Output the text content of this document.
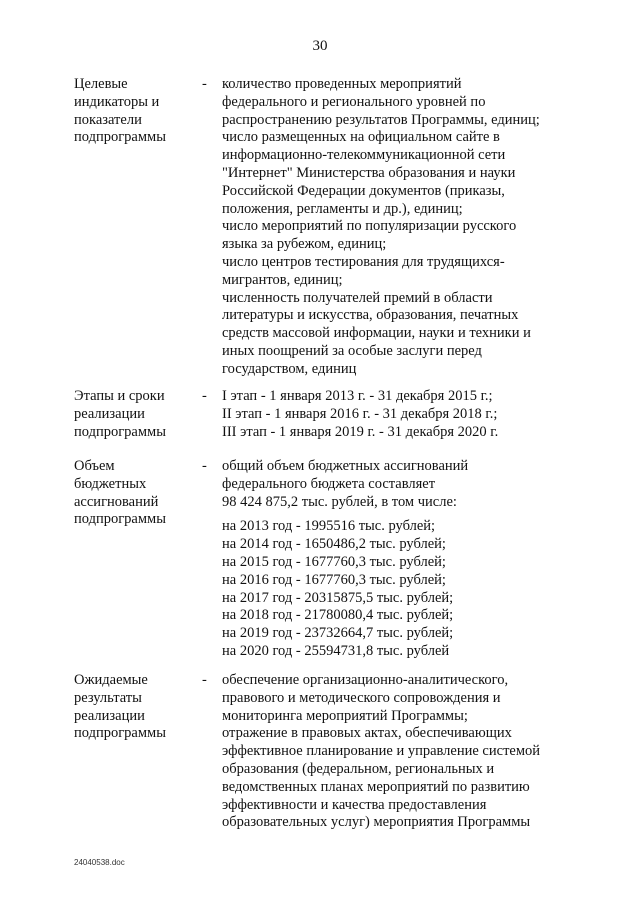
30
Целевые
индикаторы и
показатели
подпрограммы
- количество проведенных мероприятий
федерального и регионального уровней по
распространению результатов Программы, единиц;
число размещенных на официальном сайте в
информационно-телекоммуникационной сети
"Интернет" Министерства образования и науки
Российской Федерации документов (приказы,
положения, регламенты и др.), единиц;
число мероприятий по популяризации русского
языка за рубежом, единиц;
число центров тестирования для трудящихся-
мигрантов, единиц;
численность получателей премий в области
литературы и искусства, образования, печатных
средств массовой информации, науки и техники и
иных поощрений за особые заслуги перед
государством, единиц
Этапы и сроки
реализации
подпрограммы
- I этап - 1 января 2013 г. - 31 декабря 2015 г.;
II этап - 1 января 2016 г. - 31 декабря 2018 г.;
III этап - 1 января 2019 г. - 31 декабря 2020 г.
Объем
бюджетных
ассигнований
подпрограммы
- общий объем бюджетных ассигнований
федерального бюджета составляет
98 424 875,2 тыс. рублей, в том числе:
на 2013 год - 1995516 тыс. рублей;
на 2014 год - 1650486,2 тыс. рублей;
на 2015 год - 1677760,3 тыс. рублей;
на 2016 год - 1677760,3 тыс. рублей;
на 2017 год - 20315875,5 тыс. рублей;
на 2018 год - 21780080,4 тыс. рублей;
на 2019 год - 23732664,7 тыс. рублей;
на 2020 год - 25594731,8 тыс. рублей
Ожидаемые
результаты
реализации
подпрограммы
- обеспечение организационно-аналитического,
правового и методического сопровождения и
мониторинга мероприятий Программы;
отражение в правовых актах, обеспечивающих
эффективное планирование и управление системой
образования (федеральном, региональных и
ведомственных планах мероприятий по развитию
эффективности и качества предоставления
образовательных услуг) мероприятия Программы
24040538.doc
